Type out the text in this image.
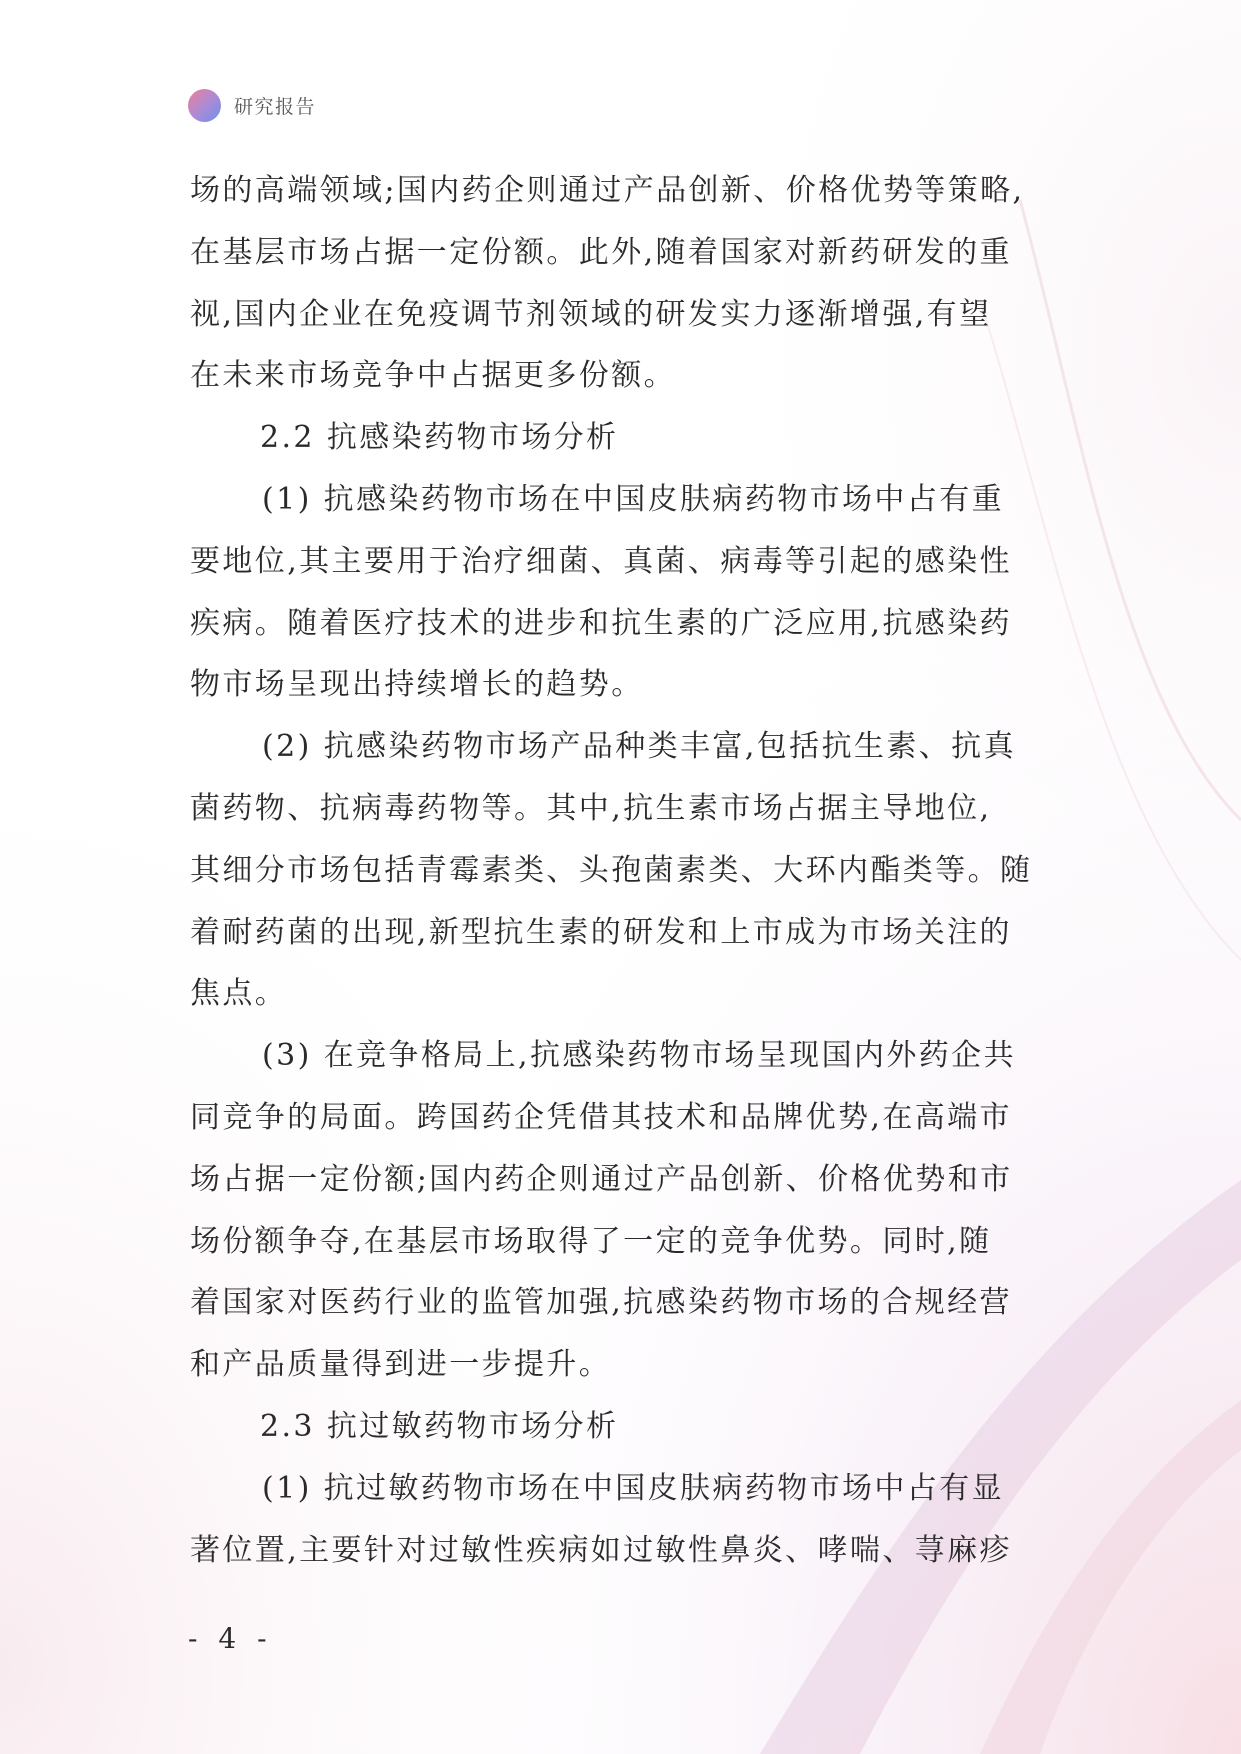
研究报告
场的高端领域;国内药企则通过产品创新、价格优势等策略,
在基层市场占据一定份额。此外,随着国家对新药研发的重
视,国内企业在免疫调节剂领域的研发实力逐渐增强,有望
在未来市场竞争中占据更多份额。
2.2 抗感染药物市场分析
(1) 抗感染药物市场在中国皮肤病药物市场中占有重
要地位,其主要用于治疗细菌、真菌、病毒等引起的感染性
疾病。随着医疗技术的进步和抗生素的广泛应用,抗感染药
物市场呈现出持续增长的趋势。
(2) 抗感染药物市场产品种类丰富,包括抗生素、抗真
菌药物、抗病毒药物等。其中,抗生素市场占据主导地位,
其细分市场包括青霉素类、头孢菌素类、大环内酯类等。随
着耐药菌的出现,新型抗生素的研发和上市成为市场关注的
焦点。
(3) 在竞争格局上,抗感染药物市场呈现国内外药企共
同竞争的局面。跨国药企凭借其技术和品牌优势,在高端市
场占据一定份额;国内药企则通过产品创新、价格优势和市
场份额争夺,在基层市场取得了一定的竞争优势。同时,随
着国家对医药行业的监管加强,抗感染药物市场的合规经营
和产品质量得到进一步提升。
2.3 抗过敏药物市场分析
(1) 抗过敏药物市场在中国皮肤病药物市场中占有显
著位置,主要针对过敏性疾病如过敏性鼻炎、哮喘、荨麻疹
- 4 -
